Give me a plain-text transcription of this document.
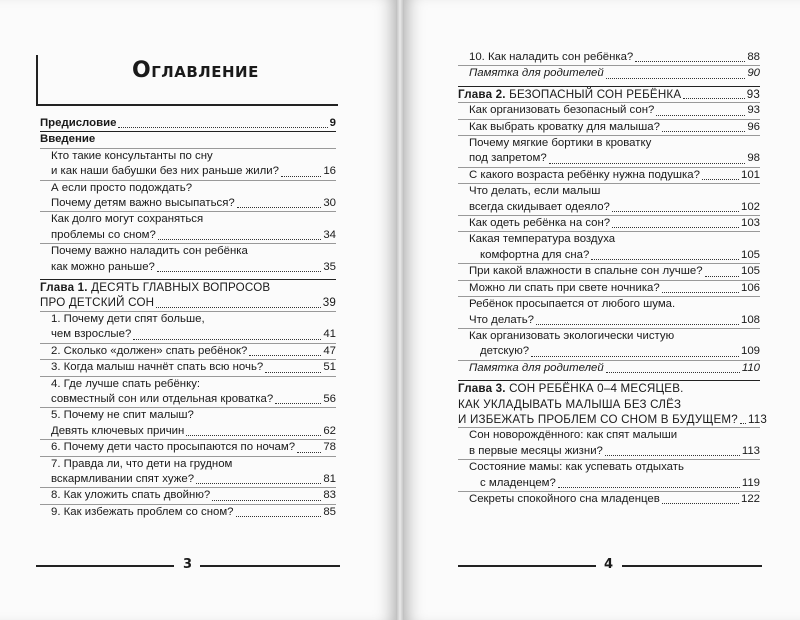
Оглавление
Предисловие	9
Введение
Кто такие консультанты по сну
и как наши бабушки без них раньше жили?	16
А если просто подождать?
Почему детям важно высыпаться?	30
Как долго могут сохраняться
проблемы со сном?	34
Почему важно наладить сон ребёнка
как можно раньше?	35
Глава 1. ДЕСЯТЬ ГЛАВНЫХ ВОПРОСОВ
ПРО ДЕТСКИЙ СОН	39
1. Почему дети спят больше,
чем взрослые?	41
2. Сколько «должен» спать ребёнок?	47
3. Когда малыш начнёт спать всю ночь?	51
4. Где лучше спать ребёнку:
совместный сон или отдельная кроватка?	56
5. Почему не спит малыш?
Девять ключевых причин	62
6. Почему дети часто просыпаются по ночам? 78
7. Правда ли, что дети на грудном
вскармливании спят хуже?	81
8. Как уложить спать двойню?	83
9. Как избежать проблем со сном?	85
3
10. Как наладить сон ребёнка?	88
Памятка для родителей	90
Глава 2. БЕЗОПАСНЫЙ СОН РЕБЁНКА	93
Как организовать безопасный сон?	93
Как выбрать кроватку для малыша?	96
Почему мягкие бортики в кроватку
под запретом?	98
С какого возраста ребёнку нужна подушка?	101
Что делать, если малыш
всегда скидывает одеяло?	102
Как одеть ребёнка на сон?	103
Какая температура воздуха
комфортна для сна?	105
При какой влажности в спальне сон лучше?	105
Можно ли спать при свете ночника?	106
Ребёнок просыпается от любого шума.
Что делать?	108
Как организовать экологически чистую
детскую?	109
Памятка для родителей	110
Глава 3. СОН РЕБЁНКА 0–4 МЕСЯЦЕВ.
КАК УКЛАДЫВАТЬ МАЛЫША БЕЗ СЛЁЗ
И ИЗБЕЖАТЬ ПРОБЛЕМ СО СНОМ В БУДУЩЕМ? 113
Сон новорождённого: как спят малыши
в первые месяцы жизни?	113
Состояние мамы: как успевать отдыхать
с младенцем?	119
Секреты спокойного сна младенцев	122
4
